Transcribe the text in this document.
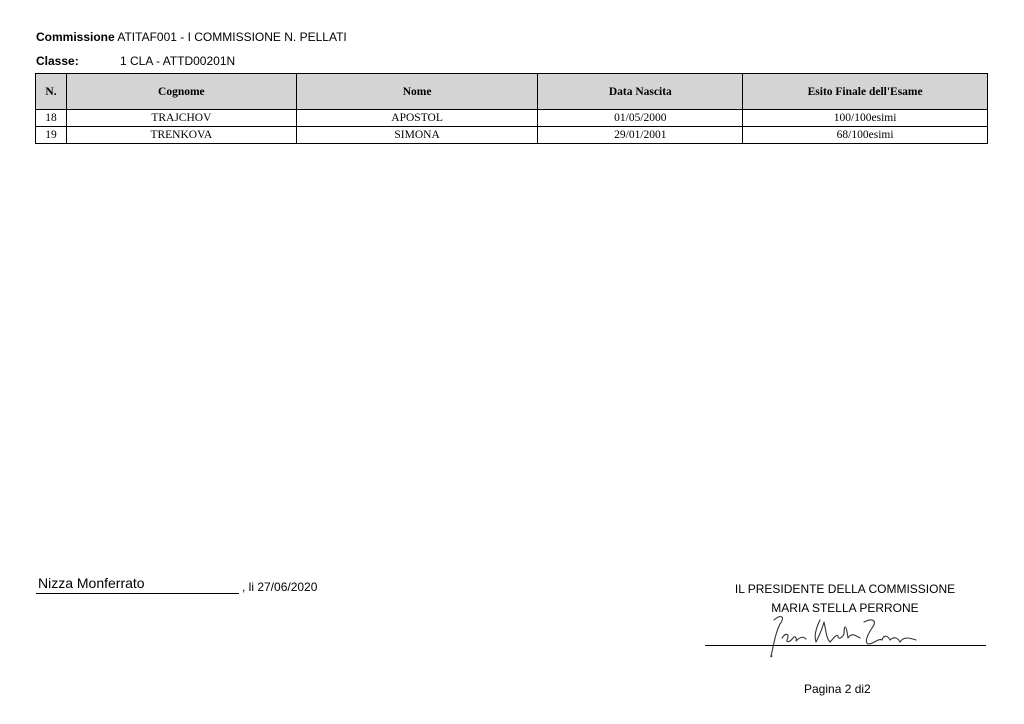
Commissione ATITAF001 - I COMMISSIONE N. PELLATI
Classe:	1 CLA - ATTD00201N
N.	Cognome	Nome	Data Nascita	Esito Finale dell'Esame
18	TRAJCHOV	APOSTOL	01/05/2000	100/100esimi
19	TRENKOVA	SIMONA	29/01/2001	68/100esimi
Nizza Monferrato	, li 27/06/2020	IL PRESIDENTE DELLA COMMISSIONE
MARIA STELLA PERRONE
Pagina 2 di2
